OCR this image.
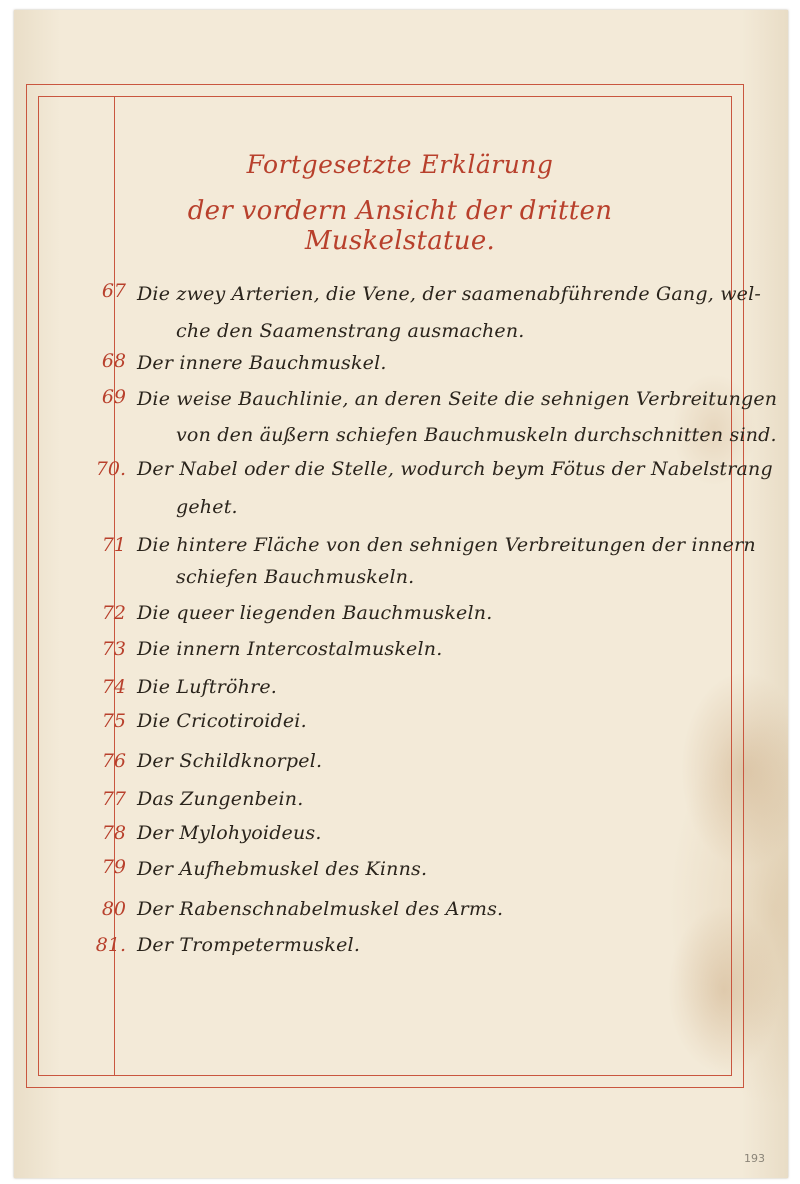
Fortgesetzte Erklärung
der vordern Ansicht der dritten Muskelstatue.
67 Die zwey Arterien, die Vene, der saamenabführende Gang, wel-
che den Saamenstrang ausmachen.
68 Der innere Bauchmuskel.
69 Die weise Bauchlinie, an deren Seite die sehnigen Verbreitungen
von den äußern schiefen Bauchmuskeln durchschnitten sind.
70. Der Nabel oder die Stelle, wodurch beym Fötus der Nabelstrang
gehet.
71 Die hintere Fläche von den sehnigen Verbreitungen der innern
schiefen Bauchmuskeln.
72 Die queer liegenden Bauchmuskeln.
73 Die innern Intercostalmuskeln.
74 Die Luftröhre.
75 Die Cricotiroidei.
76 Der Schildknorpel.
77 Das Zungenbein.
78 Der Mylohyoideus.
79 Der Aufhebmuskel des Kinns.
80 Der Rabenschnabelmuskel des Arms.
81. Der Trompetermuskel.
193
